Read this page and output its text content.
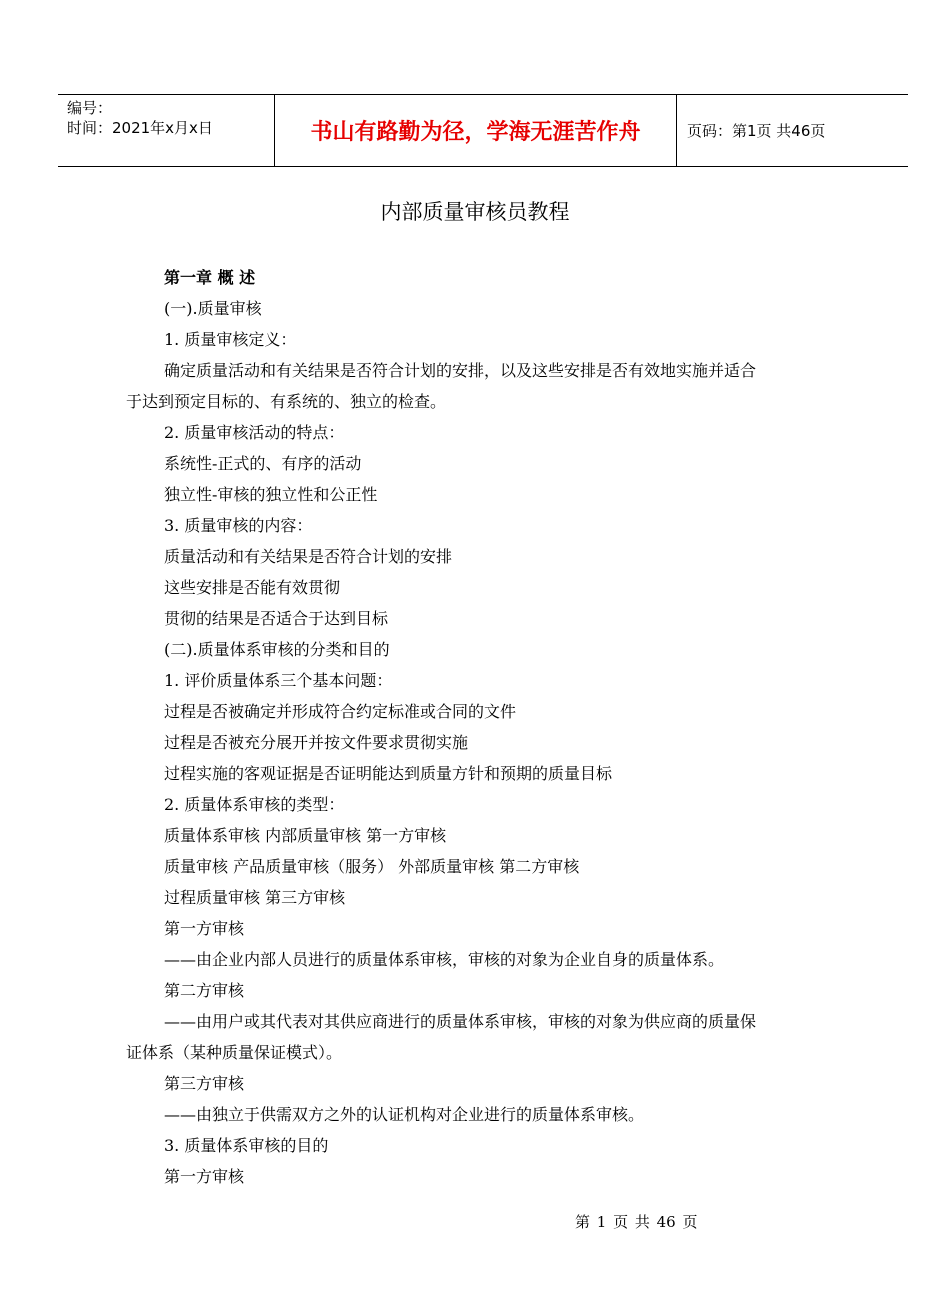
编号：
时间：2021年x月x日	书山有路勤为径，学海无涯苦作舟	页码：第1页 共46页
内部质量审核员教程
第一章 概 述
(一).质量审核
1. 质量审核定义：
确定质量活动和有关结果是否符合计划的安排，以及这些安排是否有效地实施并适合
于达到预定目标的、有系统的、独立的检查。
2. 质量审核活动的特点：
系统性-正式的、有序的活动
独立性-审核的独立性和公正性
3. 质量审核的内容：
质量活动和有关结果是否符合计划的安排
这些安排是否能有效贯彻
贯彻的结果是否适合于达到目标
(二).质量体系审核的分类和目的
1. 评价质量体系三个基本问题：
过程是否被确定并形成符合约定标准或合同的文件
过程是否被充分展开并按文件要求贯彻实施
过程实施的客观证据是否证明能达到质量方针和预期的质量目标
2. 质量体系审核的类型：
质量体系审核 内部质量审核 第一方审核
质量审核 产品质量审核（服务） 外部质量审核 第二方审核
过程质量审核 第三方审核
第一方审核
——由企业内部人员进行的质量体系审核，审核的对象为企业自身的质量体系。
第二方审核
——由用户或其代表对其供应商进行的质量体系审核，审核的对象为供应商的质量保
证体系（某种质量保证模式）。
第三方审核
——由独立于供需双方之外的认证机构对企业进行的质量体系审核。
3. 质量体系审核的目的
第一方审核
第 1 页 共 46 页
